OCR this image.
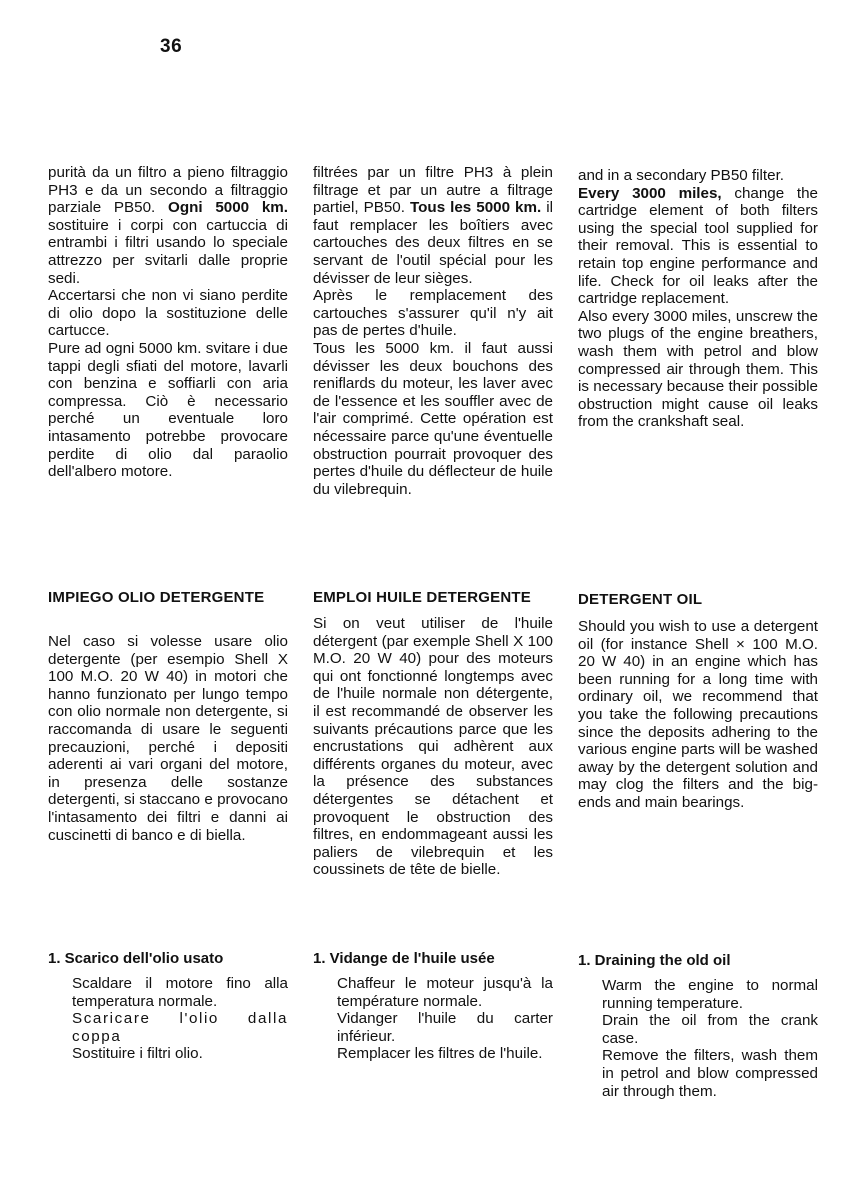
36

purità da un filtro a pieno filtraggio PH3 e da un secondo a filtraggio parziale PB50. Ogni 5000 km. sostituire i corpi con cartuccia di entrambi i filtri usando lo speciale attrezzo per svitarli dalle proprie sedi.

Accertarsi che non vi siano perdite di olio dopo la sostituzione delle cartucce.

Pure ad ogni 5000 km. svitare i due tappi degli sfiati del motore, lavarli con benzina e soffiarli con aria compressa. Ciò è necessario perché un eventuale loro intasamento potrebbe provocare perdite di olio dal paraolio dell'albero motore.

filtrées par un filtre PH3 à plein filtrage et par un autre a filtrage partiel, PB50. Tous les 5000 km. il faut remplacer les boîtiers avec cartouches des deux filtres en se servant de l'outil spécial pour les dévisser de leur sièges.

Après le remplacement des cartouches s'assurer qu'il n'y ait pas de pertes d'huile.

Tous les 5000 km. il faut aussi dévisser les deux bouchons des reniflards du moteur, les laver avec de l'essence et les souffler avec de l'air comprimé. Cette opération est nécessaire parce qu'une éventuelle obstruction pourrait provoquer des pertes d'huile du déflecteur de huile du vilebrequin.

and in a secondary PB50 filter.

Every 3000 miles, change the cartridge element of both filters using the special tool supplied for their removal. This is essential to retain top engine performance and life. Check for oil leaks after the cartridge replacement.

Also every 3000 miles, unscrew the two plugs of the engine breathers, wash them with petrol and blow compressed air through them. This is necessary because their possible obstruction might cause oil leaks from the crankshaft seal.

IMPIEGO OLIO DETERGENTE	EMPLOI HUILE DETERGENTE	DETERGENT OIL

Nel caso si volesse usare olio detergente (per esempio Shell X 100 M.O. 20 W 40) in motori che hanno funzionato per lungo tempo con olio normale non detergente, si raccomanda di usare le seguenti precauzioni, perché i depositi aderenti ai vari organi del motore, in presenza delle sostanze detergenti, si staccano e provocano l'intasamento dei filtri e danni ai cuscinetti di banco e di biella.

Si on veut utiliser de l'huile détergent (par exemple Shell X 100 M.O. 20 W 40) pour des moteurs qui ont fonctionné longtemps avec de l'huile normale non détergente, il est recommandé de observer les suivants précautions parce que les encrustations qui adhèrent aux différents organes du moteur, avec la présence des substances détergentes se détachent et provoquent le obstruction des filtres, en endommageant aussi les paliers de vilebrequin et les coussinets de tête de bielle.

Should you wish to use a detergent oil (for instance Shell × 100 M.O. 20 W 40) in an engine which has been running for a long time with ordinary oil, we recommend that you take the following precautions since the deposits adhering to the various engine parts will be washed away by the detergent solution and may clog the filters and the big-ends and main bearings.

1. Scarico dell'olio usato	1. Vidange de l'huile usée	1. Draining the old oil

Scaldare il motore fino alla temperatura normale.

Scaricare l'olio dalla coppa

Sostituire i filtri olio.

Chaffeur le moteur jusqu'à la température normale.

Vidanger l'huile du carter inférieur.

Remplacer les filtres de l'huile.

Warm the engine to normal running temperature.

Drain the oil from the crank case.

Remove the filters, wash them in petrol and blow compressed air through them.
